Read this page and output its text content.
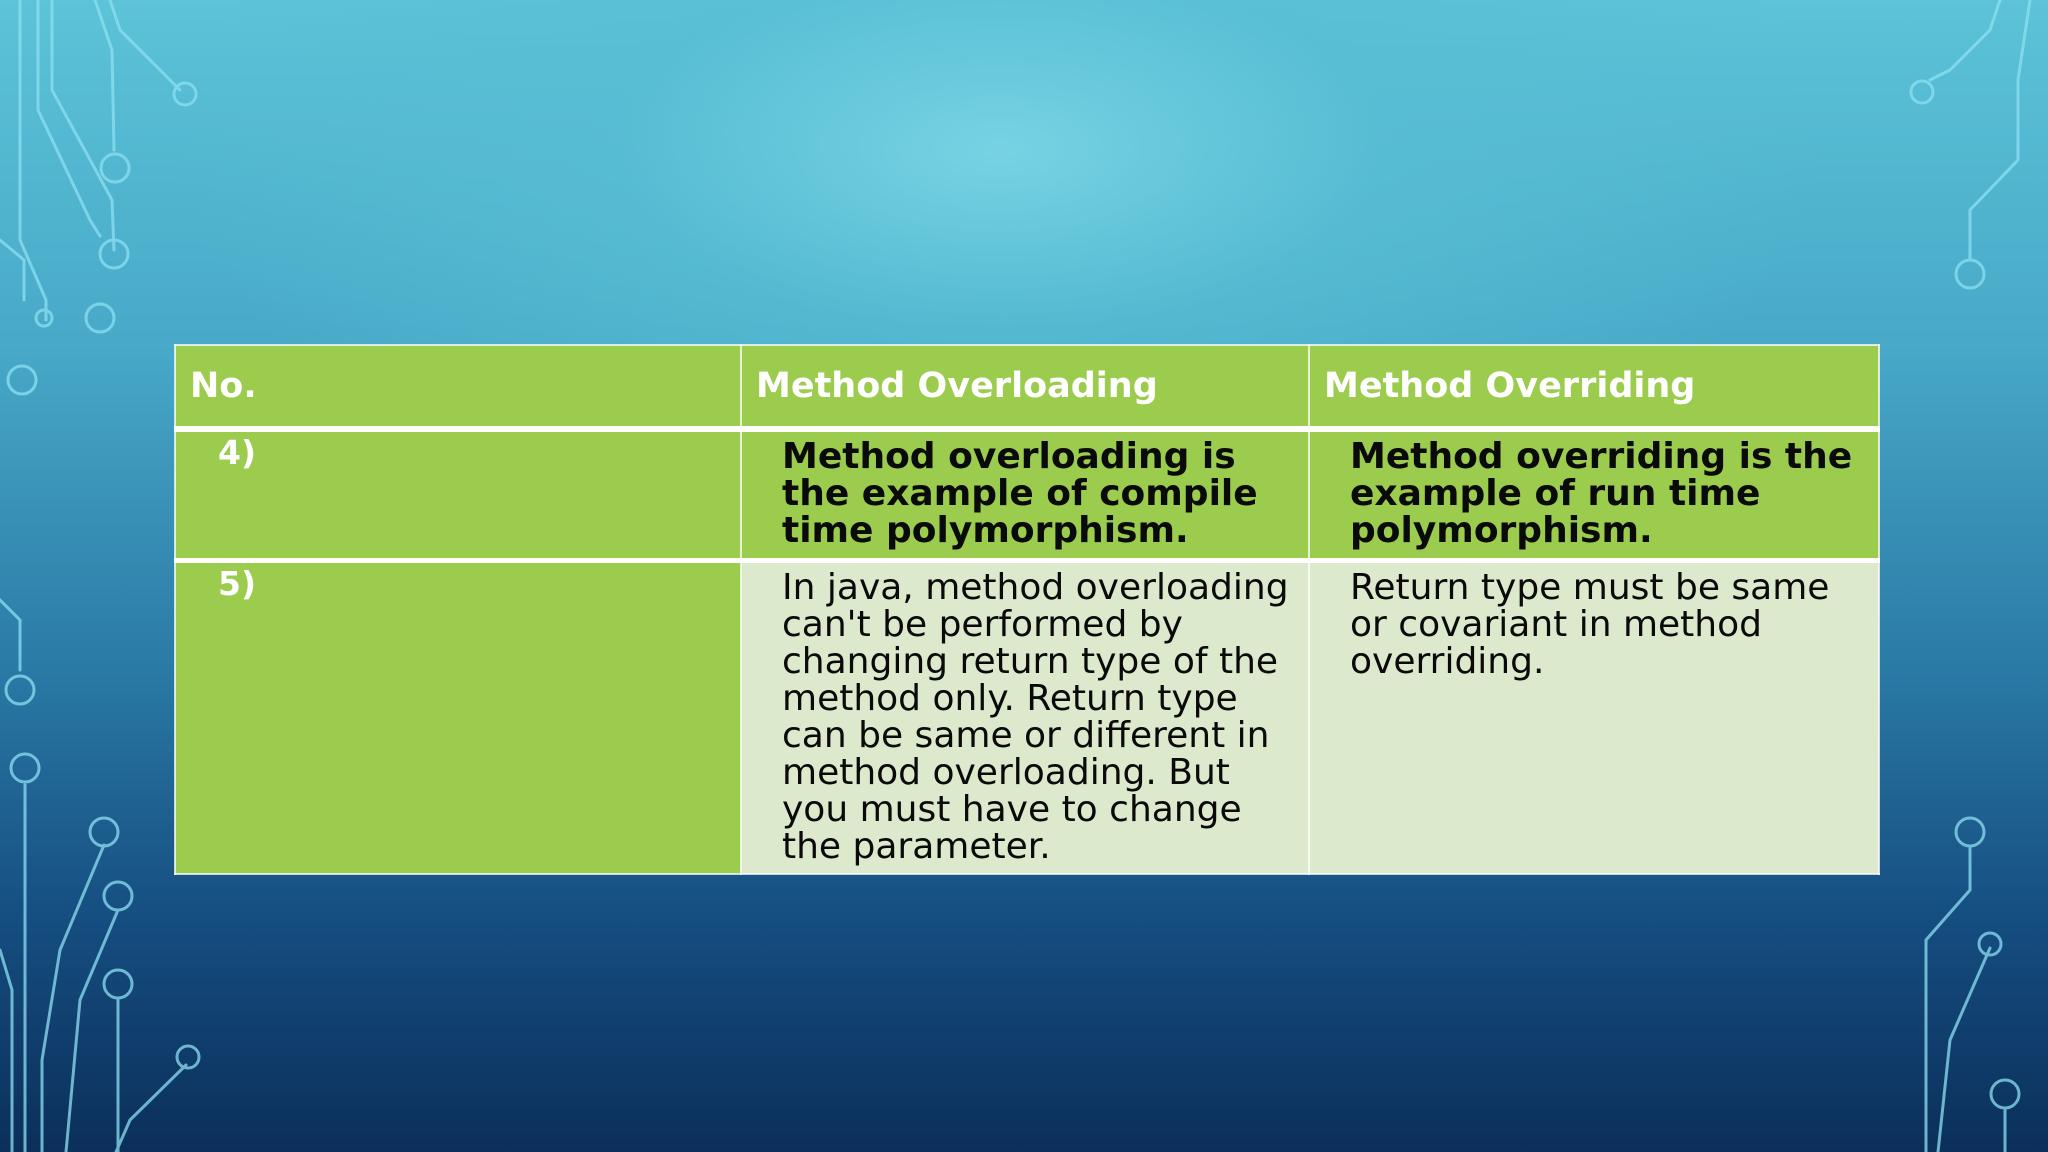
No.	Method Overloading	Method Overriding

4)	Method overloading is the example of compile time polymorphism.	Method overriding is the example of run time polymorphism.

5)	In java, method overloading can't be performed by changing return type of the method only. Return type can be same or different in method overloading. But you must have to change the parameter.	Return type must be same or covariant in method overriding.
